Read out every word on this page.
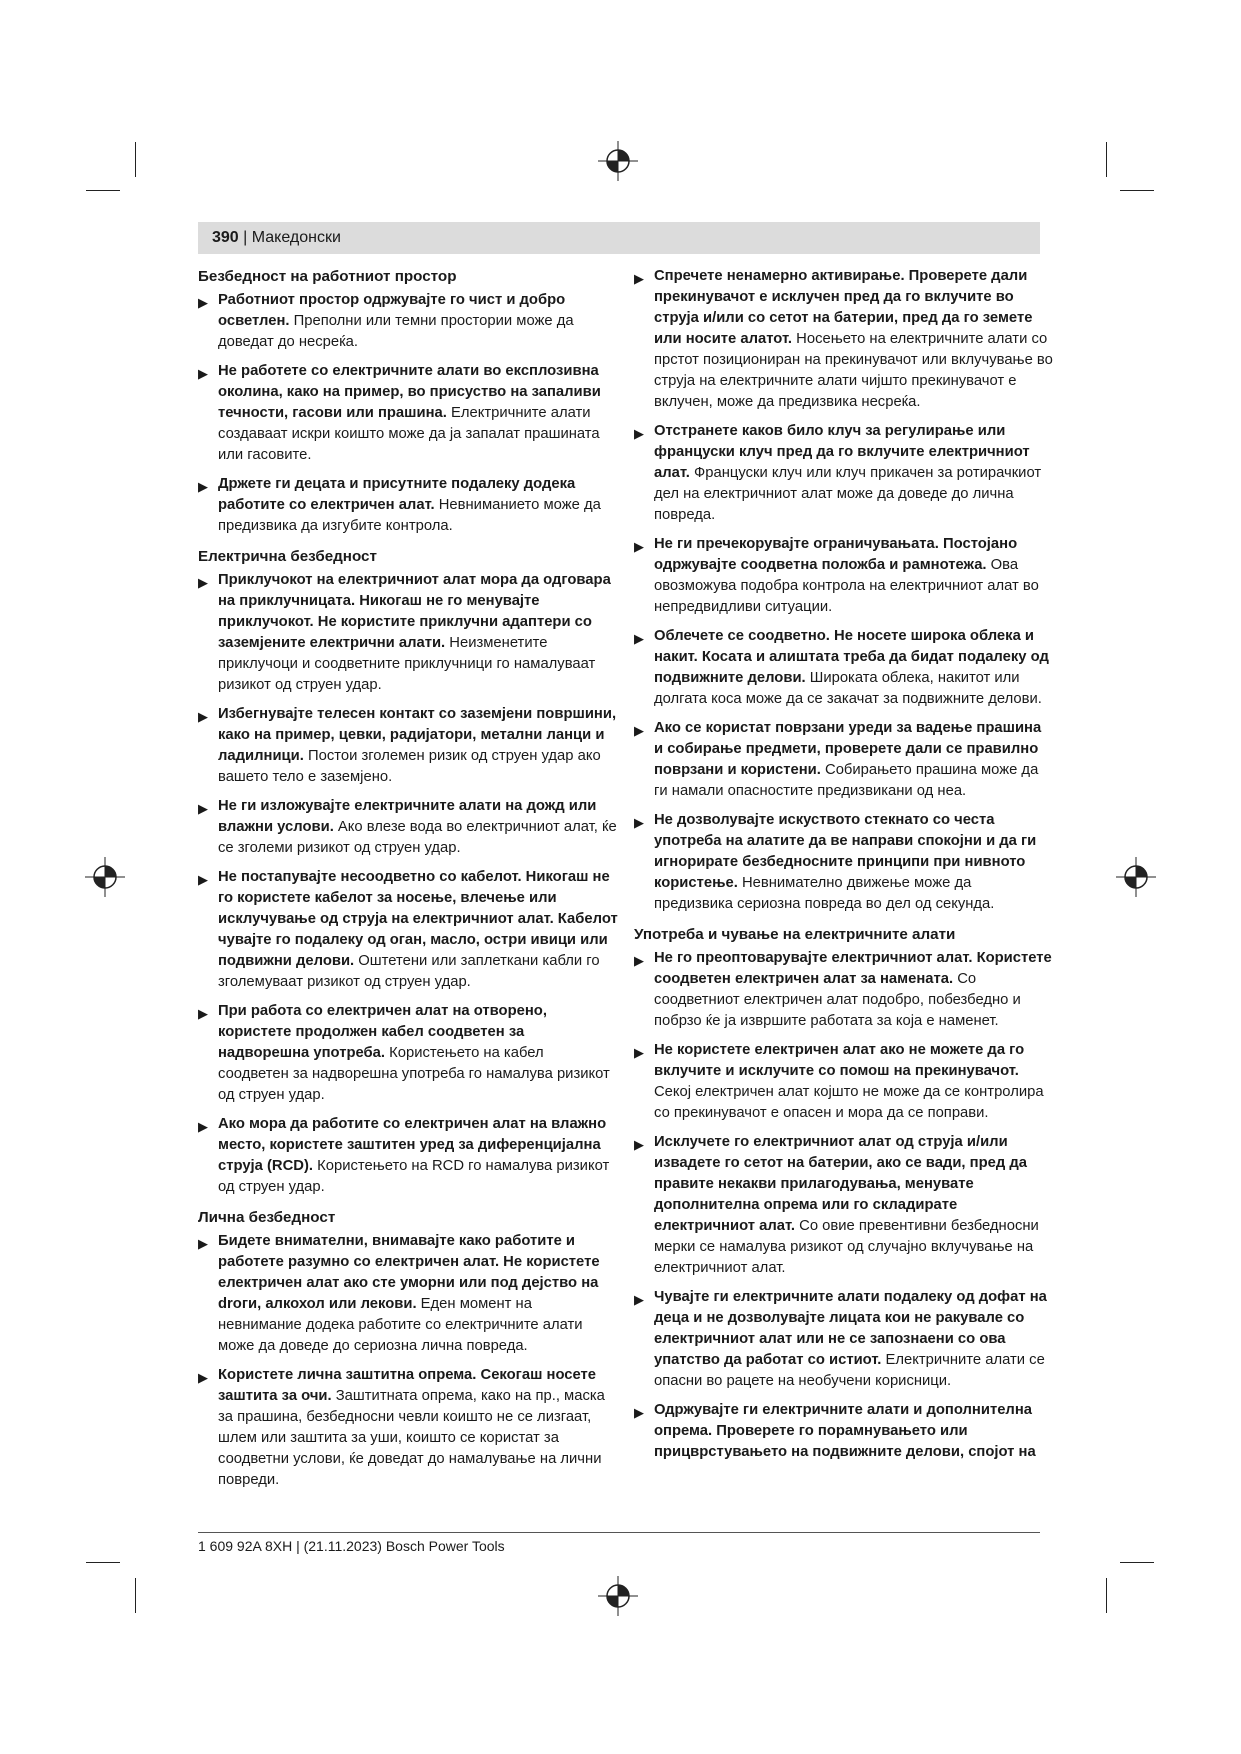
390 | Македонски
Безбедност на работниот простор
▶ Работниот простор одржувајте го чист и добро осветлен. Преполни или темни простории може да доведат до несреќа.
▶ Не работете со електричните алати во експлозивна околина, како на пример, во присуство на запаливи течности, гасови или прашина. Електричните алати создаваат искри коишто може да ја запалат прашината или гасовите.
▶ Држете ги децата и присутните подалеку додека работите со електричен алат. Невниманието може да предизвика да изгубите контрола.
Електрична безбедност
▶ Приклучокот на електричниот алат мора да одговара на приклучницата. Никогаш не го менувајте приклучокот. Не користите приклучни адаптери со заземјените електрични алати. Неизменетите приклучоци и соодветните приклучници го намалуваат ризикот од струен удар.
▶ Избегнувајте телесен контакт со заземјени површини, како на пример, цевки, радијатори, метални ланци и ладилници. Постои зголемен ризик од струен удар ако вашето тело е заземјено.
▶ Не ги изложувајте електричните алати на дожд или влажни услови. Ако влезе вода во електричниот алат, ќе се зголеми ризикот од струен удар.
▶ Не постапувајте несоодветно со кабелот. Никогаш не го користете кабелот за носење, влечење или исклучување од струја на електричниот алат. Кабелот чувајте го подалеку од оган, масло, остри ивици или подвижни делови. Оштетени или заплеткани кабли го зголемуваат ризикот од струен удар.
▶ При работа со електричен алат на отворено, користете продолжен кабел соодветен за надворешна употреба. Користењето на кабел соодветен за надворешна употреба го намалува ризикот од струен удар.
▶ Ако мора да работите со електричен алат на влажно место, користете заштитен уред за диференцијална струја (RCD). Користењето на RCD го намалува ризикот од струен удар.
Лична безбедност
▶ Бидете внимателни, внимавајте како работите и работете разумно со електричен алат. Не користете електричен алат ако сте уморни или под дејство на droги, алкохол или лекови. Еден момент на невнимание додека работите со електричните алати може да доведе до сериозна лична повреда.
▶ Користете лична заштитна опрема. Секогаш носете заштита за очи. Заштитната опрема, како на пр., маска за прашина, безбедносни чевли коишто не се лизгаат, шлем или заштита за уши, коишто се користат за соодветни услови, ќе доведат до намалување на лични повреди.
▶ Спречете ненамерно активирање. Проверете дали прекинувачот е исклучен пред да го вклучите во струја и/или со сетот на батерии, пред да го земете или носите алатот. Носењето на електричните алати со прстот позициониран на прекинувачот или вклучување во струја на електричните алати чијшто прекинувачот е вклучен, може да предизвика несреќа.
▶ Отстранете каков било клуч за регулирање или француски клуч пред да го вклучите електричниот алат. Француски клуч или клуч прикачен за ротирачкиот дел на електричниот алат може да доведе до лична повреда.
▶ Не ги пречекорувајте ограничувањата. Постојано одржувајте соодветна положба и рамнотежа. Ова овозможува подобра контрола на електричниот алат во непредвидливи ситуации.
▶ Облечете се соодветно. Не носете широка облека и накит. Косата и алиштата треба да бидат подалеку од подвижните делови. Широката облека, накитот или долгата коса може да се закачат за подвижните делови.
▶ Ако се користат поврзани уреди за вадење прашина и собирање предмети, проверете дали се правилно поврзани и користени. Собирањето прашина може да ги намали опасностите предизвикани од неа.
▶ Не дозволувајте искуството стекнато со честа употреба на алатите да ве направи спокојни и да ги игнорирате безбедносните принципи при нивното користење. Невнимателно движење може да предизвика сериозна повреда во дел од секунда.
Употреба и чување на електричните алати
▶ Не го преоптоварувајте електричниот алат. Користете соодветен електричен алат за намената. Со соодветниот електричен алат подобро, побезбедно и побрзо ќе ја извршите работата за која е наменет.
▶ Не користете електричен алат ако не можете да го вклучите и исклучите со помош на прекинувачот. Секој електричен алат којшто не може да се контролира со прекинувачот е опасен и мора да се поправи.
▶ Исклучете го електричниот алат од струја и/или извадете го сетот на батерии, ако се вади, пред да правите некакви прилагодувања, менувате дополнителна опрема или го складирате електричниот алат. Со овие превентивни безбедносни мерки се намалува ризикот од случајно вклучување на електричниот алат.
▶ Чувајте ги електричните алати подалеку од дофат на деца и не дозволувајте лицата кои не ракувале со електричниот алат или не се запознаени со ова упатство да работат со истиот. Електричните алати се опасни во рацете на необучени корисници.
▶ Одржувајте ги електричните алати и дополнителна опрема. Проверете го порамнувањето или прицврстувањето на подвижните делови, спојот на
1 609 92A 8XH | (21.11.2023) Bosch Power Tools
